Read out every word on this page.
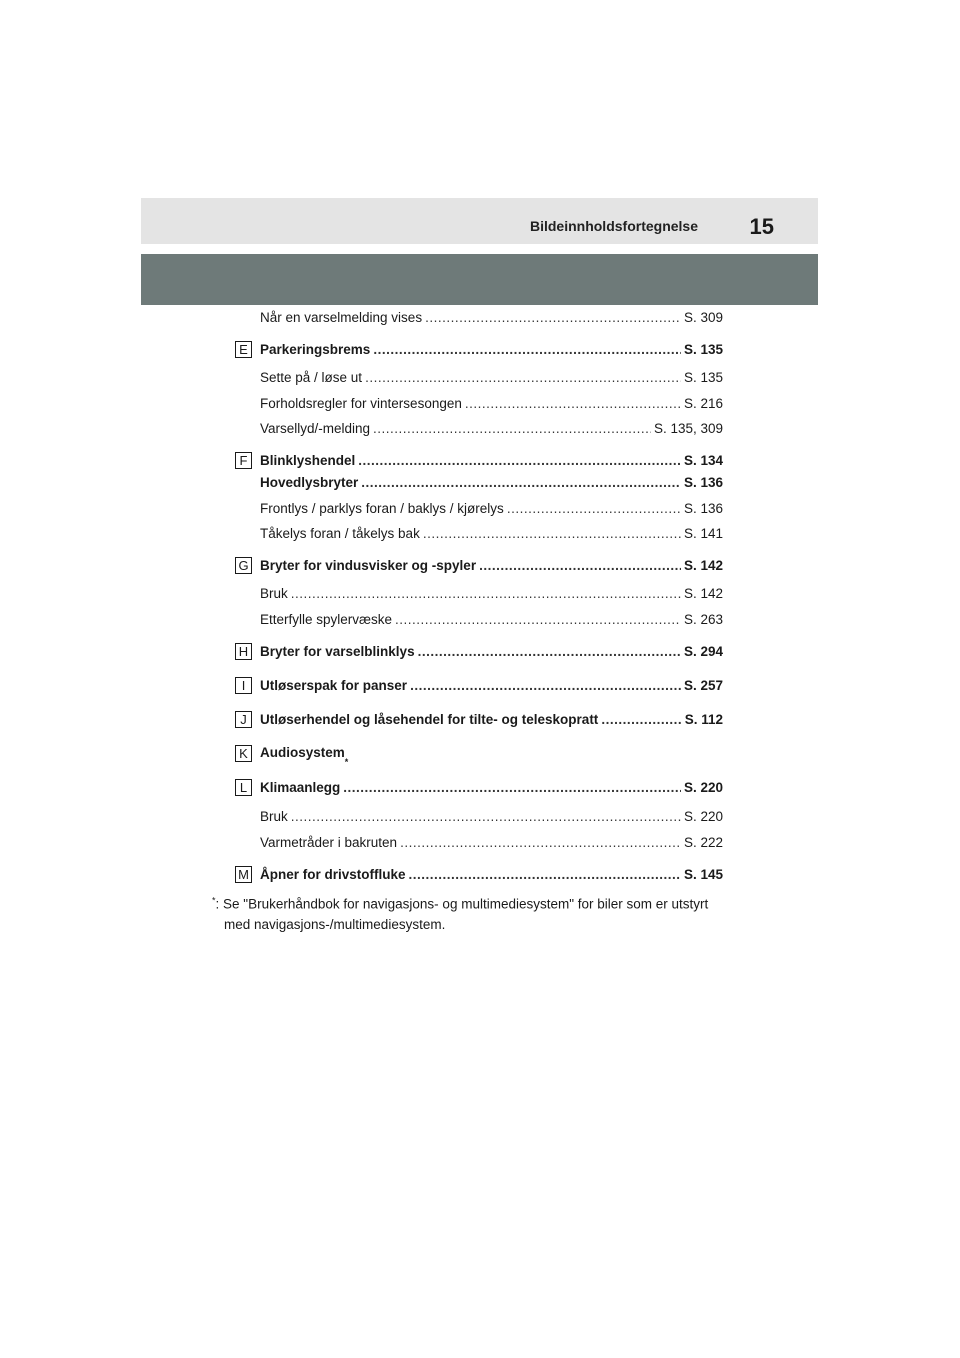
Bildeinnholdsfortegnelse 15
Når en varselmelding vises .....	S. 309
E Parkeringsbrems .....	S. 135
Sette på / løse ut .....	S. 135
Forholdsregler for vintersesongen .....	S. 216
Varsellyd/-melding .....	S. 135, 309
F Blinklyshendel .....	S. 134
Hovedlysbryter .....	S. 136
Frontlys / parklys foran / baklys / kjørelys .....	S. 136
Tåkelys foran / tåkelys bak .....	S. 141
G Bryter for vindusvisker og -spyler .....	S. 142
Bruk .....	S. 142
Etterfylle spylervæske .....	S. 263
H Bryter for varselblinklys .....	S. 294
I	Utløserspak for panser .....	S. 257
J Utløserhendel og låsehendel for tilte- og teleskopratt .....	S. 112
K Audiosystem
*
L Klimaanlegg .....	S. 220
Bruk .....	S. 220
Varmetråder i bakruten .....	S. 222
M Åpner for drivstoffluke .....	S. 145
*: Se "Brukerhåndbok for navigasjons- og multimediesystem" for biler som er utstyrt
med navigasjons-/multimediesystem.
